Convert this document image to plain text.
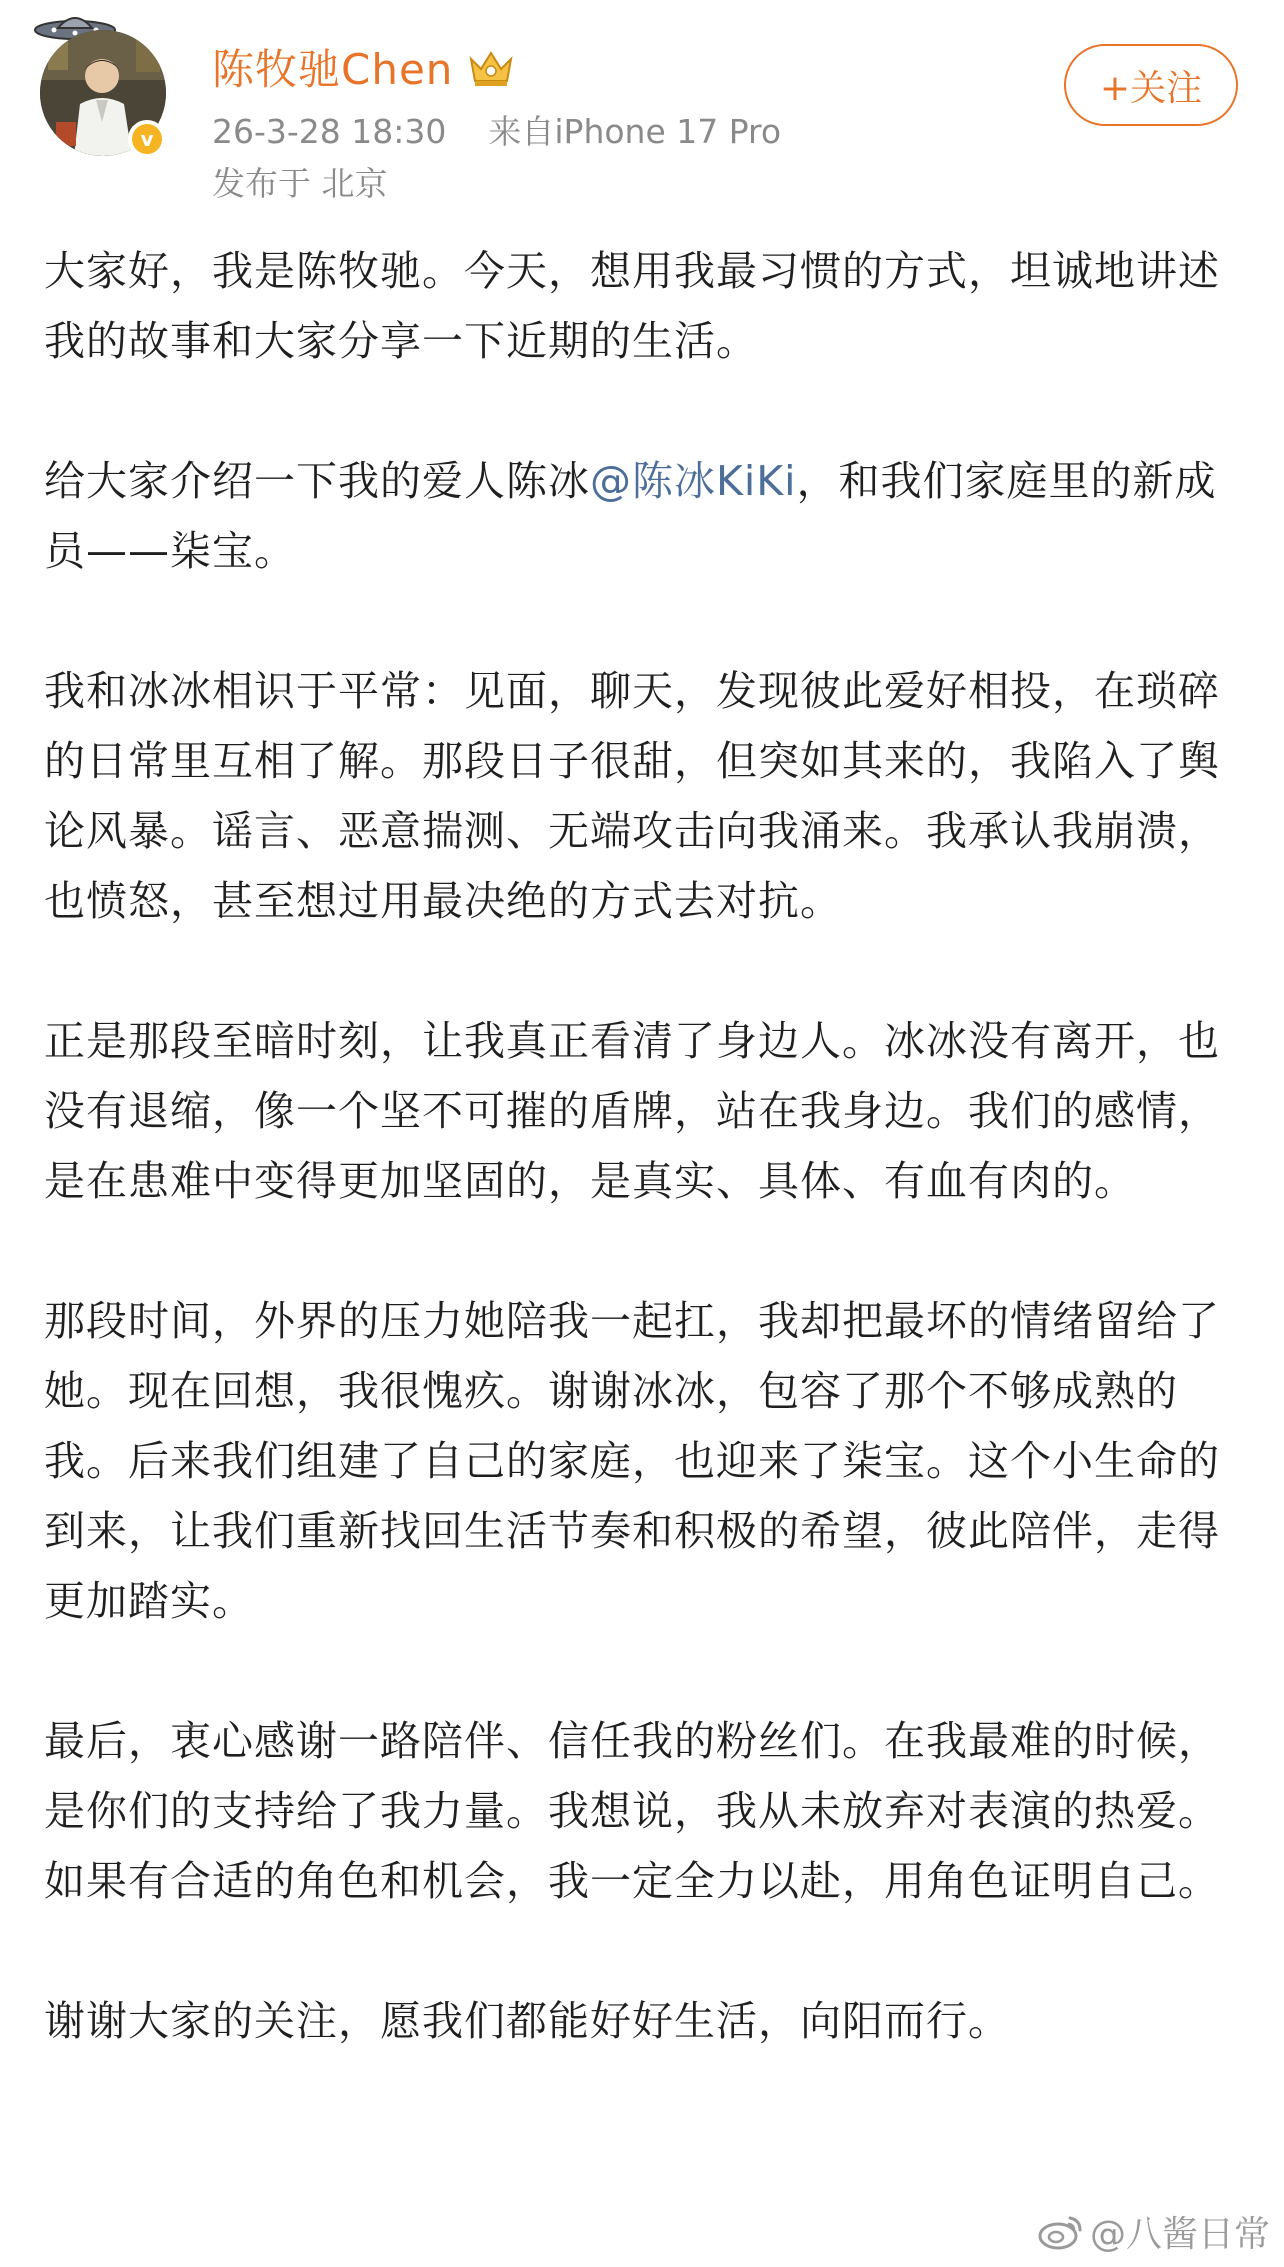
v
陈牧驰Chen
26-3-28 18:30 来自iPhone 17 Pro
发布于 北京
+关注

大家好，我是陈牧驰。今天，想用我最习惯的方式，坦诚地讲述我的故事和大家分享一下近期的生活。

给大家介绍一下我的爱人陈冰@陈冰KiKi，和我们家庭里的新成员——柒宝。

我和冰冰相识于平常：见面，聊天，发现彼此爱好相投，在琐碎的日常里互相了解。那段日子很甜，但突如其来的，我陷入了舆论风暴。谣言、恶意揣测、无端攻击向我涌来。我承认我崩溃，也愤怒，甚至想过用最决绝的方式去对抗。

正是那段至暗时刻，让我真正看清了身边人。冰冰没有离开，也没有退缩，像一个坚不可摧的盾牌，站在我身边。我们的感情，是在患难中变得更加坚固的，是真实、具体、有血有肉的。

那段时间，外界的压力她陪我一起扛，我却把最坏的情绪留给了她。现在回想，我很愧疚。谢谢冰冰，包容了那个不够成熟的我。后来我们组建了自己的家庭，也迎来了柒宝。这个小生命的到来，让我们重新找回生活节奏和积极的希望，彼此陪伴，走得更加踏实。

最后，衷心感谢一路陪伴、信任我的粉丝们。在我最难的时候，是你们的支持给了我力量。我想说，我从未放弃对表演的热爱。如果有合适的角色和机会，我一定全力以赴，用角色证明自己。

谢谢大家的关注，愿我们都能好好生活，向阳而行。

@八酱日常
